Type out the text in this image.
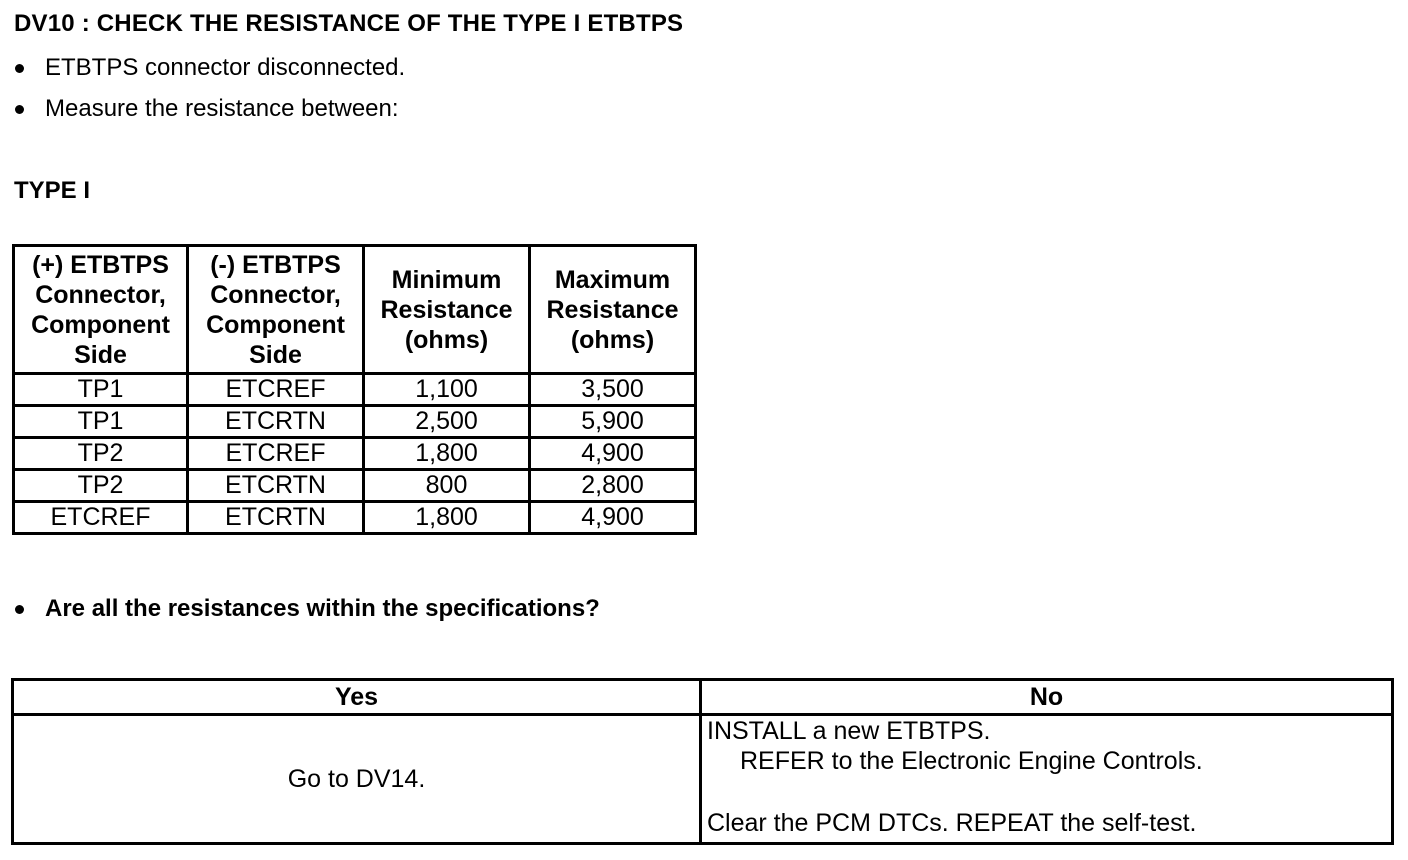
DV10 : CHECK THE RESISTANCE OF THE TYPE I ETBTPS
ETBTPS connector disconnected.
Measure the resistance between:
TYPE I
(+) ETBTPS
Connector,
Component
Side	(-) ETBTPS
Connector,
Component
Side	Minimum
Resistance
(ohms)	Maximum
Resistance
(ohms)
TP1	ETCREF	1,100	3,500
TP1	ETCRTN	2,500	5,900
TP2	ETCREF	1,800	4,900
TP2	ETCRTN	800	2,800
ETCREF	ETCRTN	1,800	4,900
Are all the resistances within the specifications?
Yes	No
Go to DV14.	INSTALL a new ETBTPS.
REFER to the Electronic Engine Controls.
Clear the PCM DTCs. REPEAT the self-test.
